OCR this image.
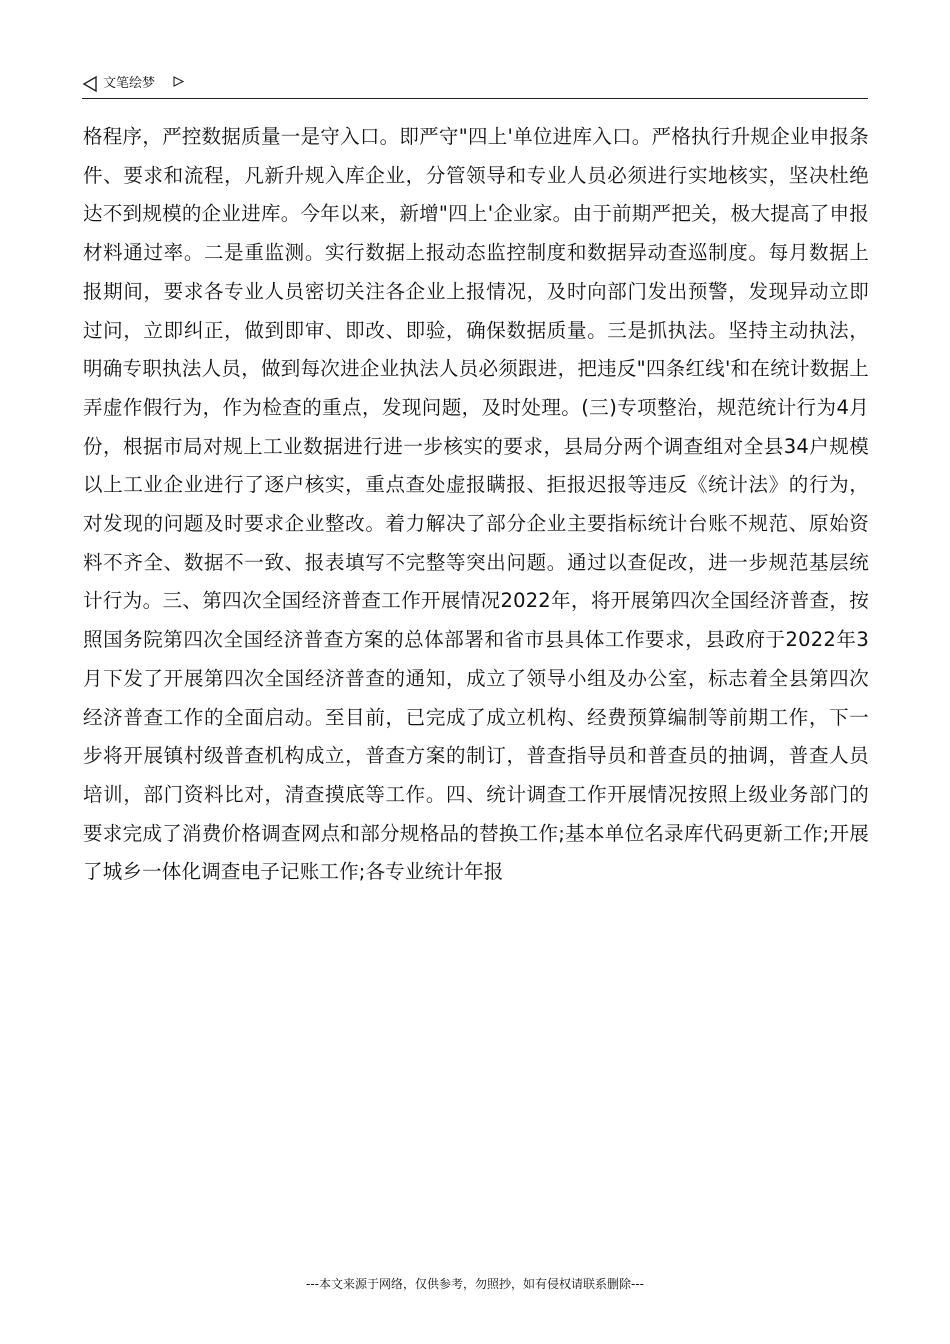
文笔绘梦

格程序，严控数据质量一是守入口。即严守"四上'单位进库入口。严格执行升规企业申报条件、要求和流程，凡新升规入库企业，分管领导和专业人员必须进行实地核实，坚决杜绝达不到规模的企业进库。今年以来，新增"四上'企业家。由于前期严把关，极大提高了申报材料通过率。二是重监测。实行数据上报动态监控制度和数据异动查巡制度。每月数据上报期间，要求各专业人员密切关注各企业上报情况，及时向部门发出预警，发现异动立即过问，立即纠正，做到即审、即改、即验，确保数据质量。三是抓执法。坚持主动执法，明确专职执法人员，做到每次进企业执法人员必须跟进，把违反"四条红线'和在统计数据上弄虚作假行为，作为检查的重点，发现问题，及时处理。(三)专项整治，规范统计行为4月份，根据市局对规上工业数据进行进一步核实的要求，县局分两个调查组对全县34户规模以上工业企业进行了逐户核实，重点查处虚报瞒报、拒报迟报等违反《统计法》的行为，对发现的问题及时要求企业整改。着力解决了部分企业主要指标统计台账不规范、原始资料不齐全、数据不一致、报表填写不完整等突出问题。通过以查促改，进一步规范基层统计行为。三、第四次全国经济普查工作开展情况2022年，将开展第四次全国经济普查，按照国务院第四次全国经济普查方案的总体部署和省市县具体工作要求，县政府于2022年3月下发了开展第四次全国经济普查的通知，成立了领导小组及办公室，标志着全县第四次经济普查工作的全面启动。至目前，已完成了成立机构、经费预算编制等前期工作，下一步将开展镇村级普查机构成立，普查方案的制订，普查指导员和普查员的抽调，普查人员培训，部门资料比对，清查摸底等工作。四、统计调查工作开展情况按照上级业务部门的要求完成了消费价格调查网点和部分规格品的替换工作;基本单位名录库代码更新工作;开展了城乡一体化调查电子记账工作;各专业统计年报

---本文来源于网络，仅供参考，勿照抄，如有侵权请联系删除---
